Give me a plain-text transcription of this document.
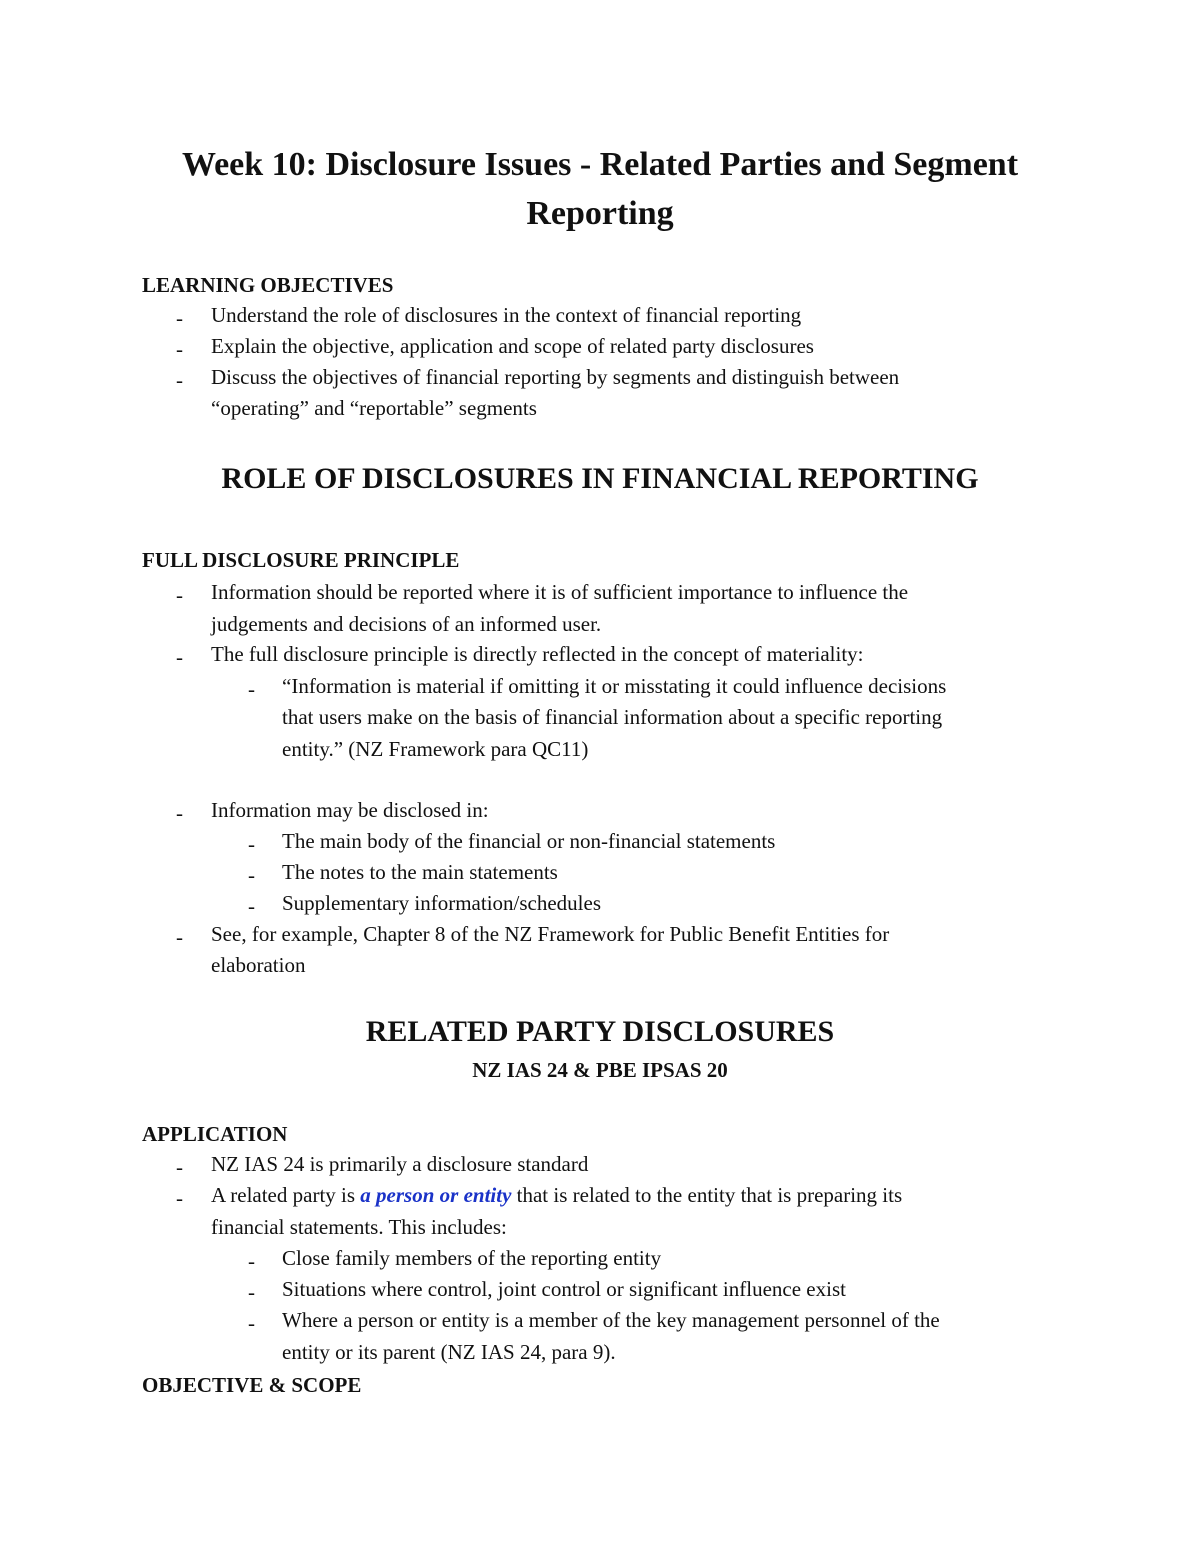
Week 10: Disclosure Issues - Related Parties and Segment
Reporting
LEARNING OBJECTIVES
- Understand the role of disclosures in the context of financial reporting
- Explain the objective, application and scope of related party disclosures
- Discuss the objectives of financial reporting by segments and distinguish between
“operating” and “reportable” segments
ROLE OF DISCLOSURES IN FINANCIAL REPORTING
FULL DISCLOSURE PRINCIPLE
- Information should be reported where it is of sufficient importance to influence the
judgements and decisions of an informed user.
- The full disclosure principle is directly reflected in the concept of materiality:
- “Information is material if omitting it or misstating it could influence decisions
that users make on the basis of financial information about a specific reporting
entity.” (NZ Framework para QC11)
- Information may be disclosed in:
- The main body of the financial or non-financial statements
- The notes to the main statements
- Supplementary information/schedules
- See, for example, Chapter 8 of the NZ Framework for Public Benefit Entities for
elaboration
RELATED PARTY DISCLOSURES
NZ IAS 24 & PBE IPSAS 20
APPLICATION
- NZ IAS 24 is primarily a disclosure standard
- A related party is a person or entity that is related to the entity that is preparing its
financial statements. This includes:
- Close family members of the reporting entity
- Situations where control, joint control or significant influence exist
- Where a person or entity is a member of the key management personnel of the
entity or its parent (NZ IAS 24, para 9).
OBJECTIVE & SCOPE
